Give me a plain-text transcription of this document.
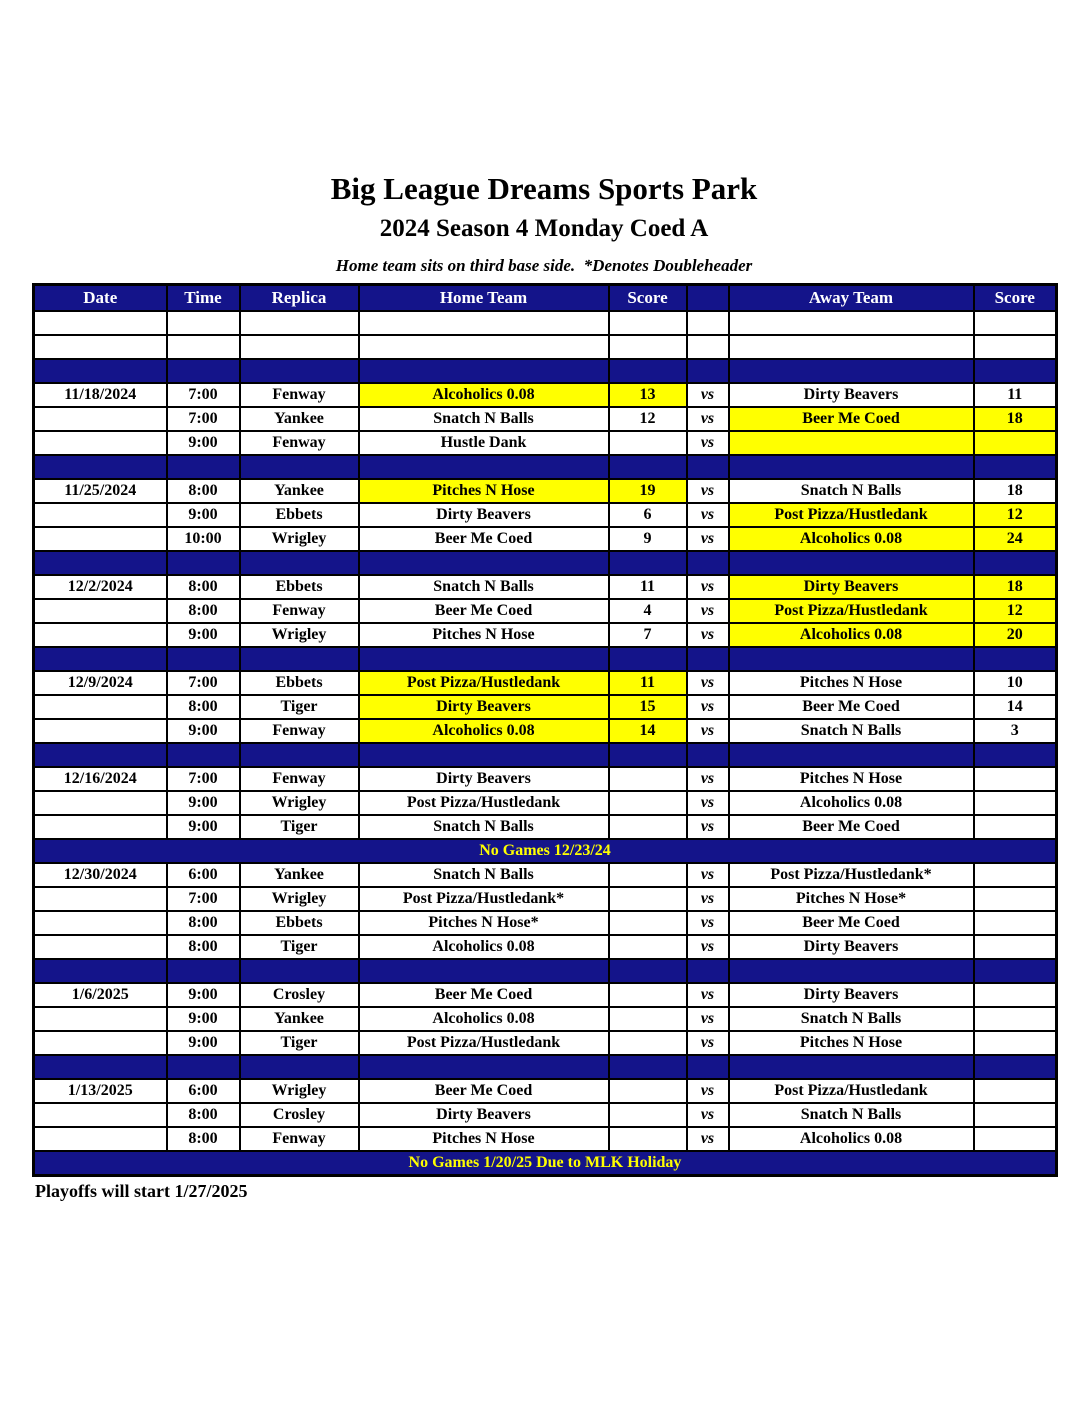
Big League Dreams Sports Park
2024 Season 4 Monday Coed A
Home team sits on third base side.  *Denotes Doubleheader
Date	Time	Replica	Home Team	Score		Away Team	Score

11/18/2024	7:00	Fenway	Alcoholics 0.08	13	vs	Dirty Beavers	11
	7:00	Yankee	Snatch N Balls	12	vs	Beer Me Coed	18
	9:00	Fenway	Hustle Dank		vs		

11/25/2024	8:00	Yankee	Pitches N Hose	19	vs	Snatch N Balls	18
	9:00	Ebbets	Dirty Beavers	6	vs	Post Pizza/Hustledank	12
	10:00	Wrigley	Beer Me Coed	9	vs	Alcoholics 0.08	24

12/2/2024	8:00	Ebbets	Snatch N Balls	11	vs	Dirty Beavers	18
	8:00	Fenway	Beer Me Coed	4	vs	Post Pizza/Hustledank	12
	9:00	Wrigley	Pitches N Hose	7	vs	Alcoholics 0.08	20

12/9/2024	7:00	Ebbets	Post Pizza/Hustledank	11	vs	Pitches N Hose	10
	8:00	Tiger	Dirty Beavers	15	vs	Beer Me Coed	14
	9:00	Fenway	Alcoholics 0.08	14	vs	Snatch N Balls	3

12/16/2024	7:00	Fenway	Dirty Beavers		vs	Pitches N Hose	
	9:00	Wrigley	Post Pizza/Hustledank		vs	Alcoholics 0.08	
	9:00	Tiger	Snatch N Balls		vs	Beer Me Coed	
No Games 12/23/24							
12/30/2024	6:00	Yankee	Snatch N Balls		vs	Post Pizza/Hustledank*	
	7:00	Wrigley	Post Pizza/Hustledank*		vs	Pitches N Hose*	
	8:00	Ebbets	Pitches N Hose*		vs	Beer Me Coed	
	8:00	Tiger	Alcoholics 0.08		vs	Dirty Beavers	

1/6/2025	9:00	Crosley	Beer Me Coed		vs	Dirty Beavers	
	9:00	Yankee	Alcoholics 0.08		vs	Snatch N Balls	
	9:00	Tiger	Post Pizza/Hustledank		vs	Pitches N Hose	

1/13/2025	6:00	Wrigley	Beer Me Coed		vs	Post Pizza/Hustledank	
	8:00	Crosley	Dirty Beavers		vs	Snatch N Balls	
	8:00	Fenway	Pitches N Hose		vs	Alcoholics 0.08	
No Games 1/20/25 Due to MLK Holiday							
Playoffs will start 1/27/2025
